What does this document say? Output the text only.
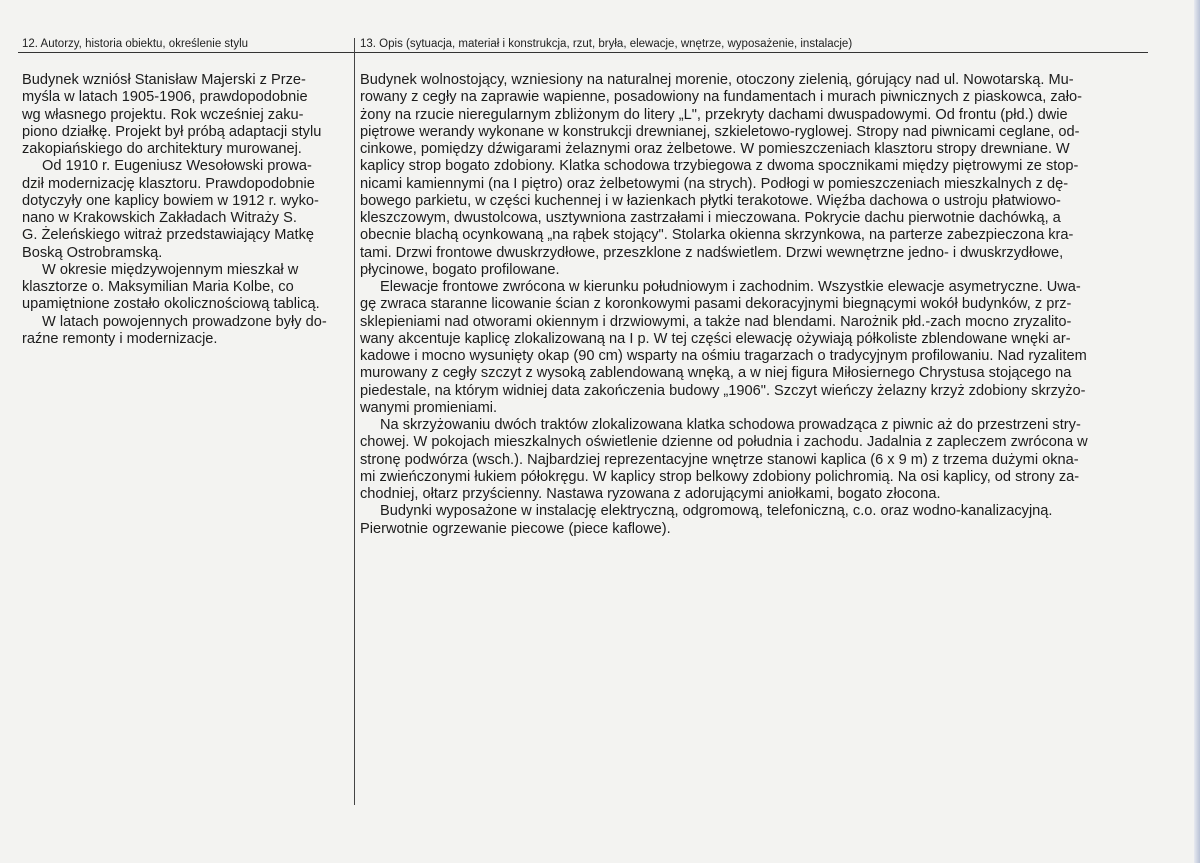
12. Autorzy, historia obiektu, określenie stylu	13. Opis (sytuacja, materiał i konstrukcja, rzut, bryła, elewacje, wnętrze, wyposażenie, instalacje)
Budynek wzniósł Stanisław Majerski z Prze-
myśla w latach 1905-1906, prawdopodobnie
wg własnego projektu. Rok wcześniej zaku-
piono działkę. Projekt był próbą adaptacji stylu
zakopiańskiego do architektury murowanej.
Od 1910 r. Eugeniusz Wesołowski prowa-
dził modernizację klasztoru. Prawdopodobnie
dotyczyły one kaplicy bowiem w 1912 r. wyko-
nano w Krakowskich Zakładach Witraży S.
G. Żeleńskiego witraż przedstawiający Matkę
Boską Ostrobramską.
W okresie międzywojennym mieszkał w
klasztorze o. Maksymilian Maria Kolbe, co
upamiętnione zostało okolicznościową tablicą.
W latach powojennych prowadzone były do-
raźne remonty i modernizacje.
Budynek wolnostojący, wzniesiony na naturalnej morenie, otoczony zielenią, górujący nad ul. Nowotarską. Mu-
rowany z cegły na zaprawie wapienne, posadowiony na fundamentach i murach piwnicznych z piaskowca, zało-
żony na rzucie nieregularnym zbliżonym do litery „L", przekryty dachami dwuspadowymi. Od frontu (płd.) dwie
piętrowe werandy wykonane w konstrukcji drewnianej, szkieletowo-ryglowej. Stropy nad piwnicami ceglane, od-
cinkowe, pomiędzy dźwigarami żelaznymi oraz żelbetowe. W pomieszczeniach klasztoru stropy drewniane. W
kaplicy strop bogato zdobiony. Klatka schodowa trzybiegowa z dwoma spocznikami między piętrowymi ze stop-
nicami kamiennymi (na I piętro) oraz żelbetowymi (na strych). Podłogi w pomieszczeniach mieszkalnych z dę-
bowego parkietu, w części kuchennej i w łazienkach płytki terakotowe. Więźba dachowa o ustroju płatwiowo-
kleszczowym, dwustolcowa, usztywniona zastrzałami i mieczowana. Pokrycie dachu pierwotnie dachówką, a
obecnie blachą ocynkowaną „na rąbek stojący". Stolarka okienna skrzynkowa, na parterze zabezpieczona kra-
tami. Drzwi frontowe dwuskrzydłowe, przeszklone z nadświetlem. Drzwi wewnętrzne jedno- i dwuskrzydłowe,
płycinowe, bogato profilowane.
Elewacje frontowe zwrócona w kierunku południowym i zachodnim. Wszystkie elewacje asymetryczne. Uwa-
gę zwraca staranne licowanie ścian z koronkowymi pasami dekoracyjnymi biegnącymi wokół budynków, z prz-
sklepieniami nad otworami okiennym i drzwiowymi, a także nad blendami. Narożnik płd.-zach mocno zryzalito-
wany akcentuje kaplicę zlokalizowaną na I p. W tej części elewację ożywiają półkoliste zblendowane wnęki ar-
kadowe i mocno wysunięty okap (90 cm) wsparty na ośmiu tragarzach o tradycyjnym profilowaniu. Nad ryzalitem
murowany z cegły szczyt z wysoką zablendowaną wnęką, a w niej figura Miłosiernego Chrystusa stojącego na
piedestale, na którym widniej data zakończenia budowy „1906". Szczyt wieńczy żelazny krzyż zdobiony skrzyżo-
wanymi promieniami.
Na skrzyżowaniu dwóch traktów zlokalizowana klatka schodowa prowadząca z piwnic aż do przestrzeni stry-
chowej. W pokojach mieszkalnych oświetlenie dzienne od południa i zachodu. Jadalnia z zapleczem zwrócona w
stronę podwórza (wsch.). Najbardziej reprezentacyjne wnętrze stanowi kaplica (6 x 9 m) z trzema dużymi okna-
mi zwieńczonymi łukiem półokręgu. W kaplicy strop belkowy zdobiony polichromią. Na osi kaplicy, od strony za-
chodniej, ołtarz przyścienny. Nastawa ryzowana z adorującymi aniołkami, bogato złocona.
Budynki wyposażone w instalację elektryczną, odgromową, telefoniczną, c.o. oraz wodno-kanalizacyjną.
Pierwotnie ogrzewanie piecowe (piece kaflowe).
